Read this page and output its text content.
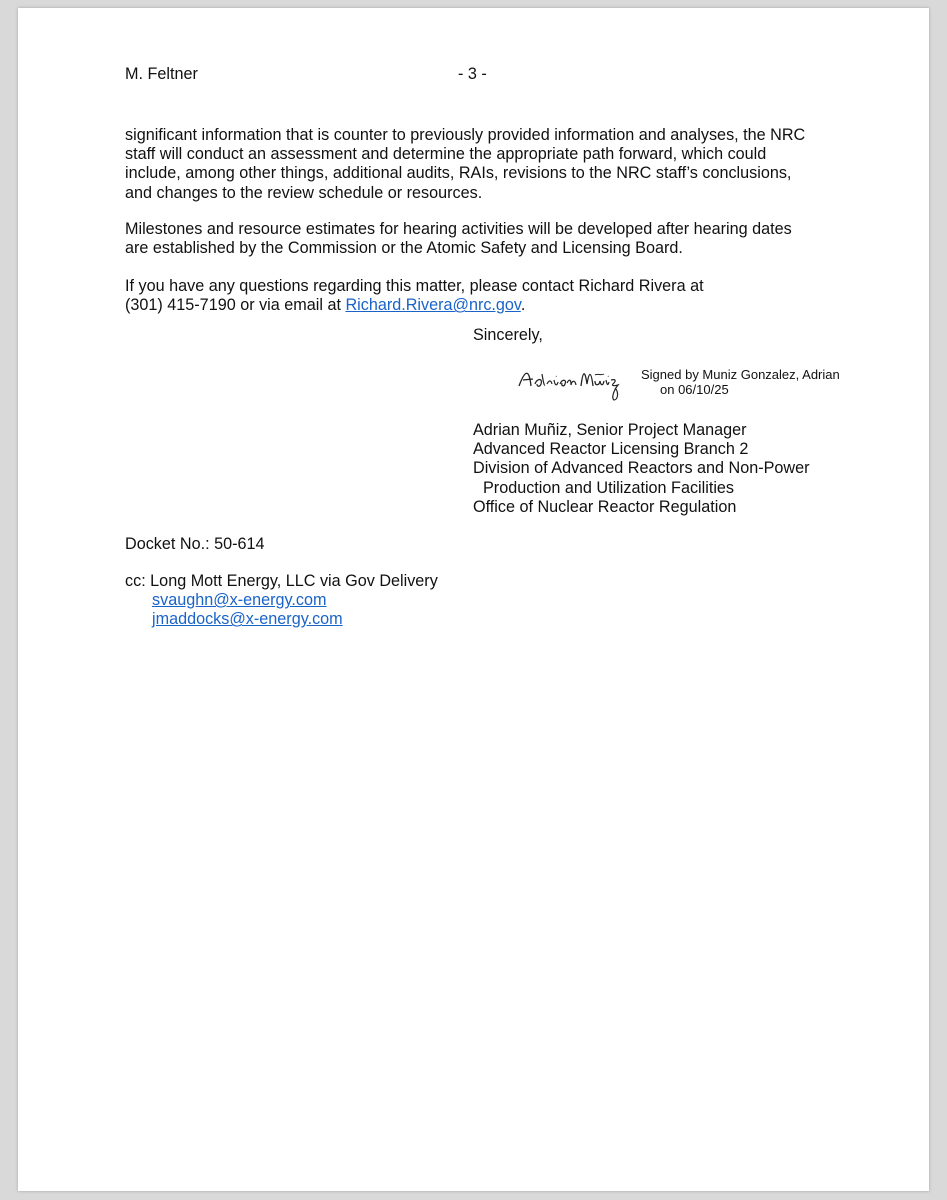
M. Feltner	- 3 -
significant information that is counter to previously provided information and analyses, the NRC
staff will conduct an assessment and determine the appropriate path forward, which could
include, among other things, additional audits, RAIs, revisions to the NRC staff’s conclusions,
and changes to the review schedule or resources.
Milestones and resource estimates for hearing activities will be developed after hearing dates
are established by the Commission or the Atomic Safety and Licensing Board.
If you have any questions regarding this matter, please contact Richard Rivera at
(301) 415-7190 or via email at Richard.Rivera@nrc.gov.
Sincerely,
Signed by Muniz Gonzalez, Adrian
on 06/10/25
Adrian Muñiz, Senior Project Manager
Advanced Reactor Licensing Branch 2
Division of Advanced Reactors and Non-Power
Production and Utilization Facilities
Office of Nuclear Reactor Regulation
Docket No.: 50-614
cc: Long Mott Energy, LLC via Gov Delivery
svaughn@x-energy.com
jmaddocks@x-energy.com
